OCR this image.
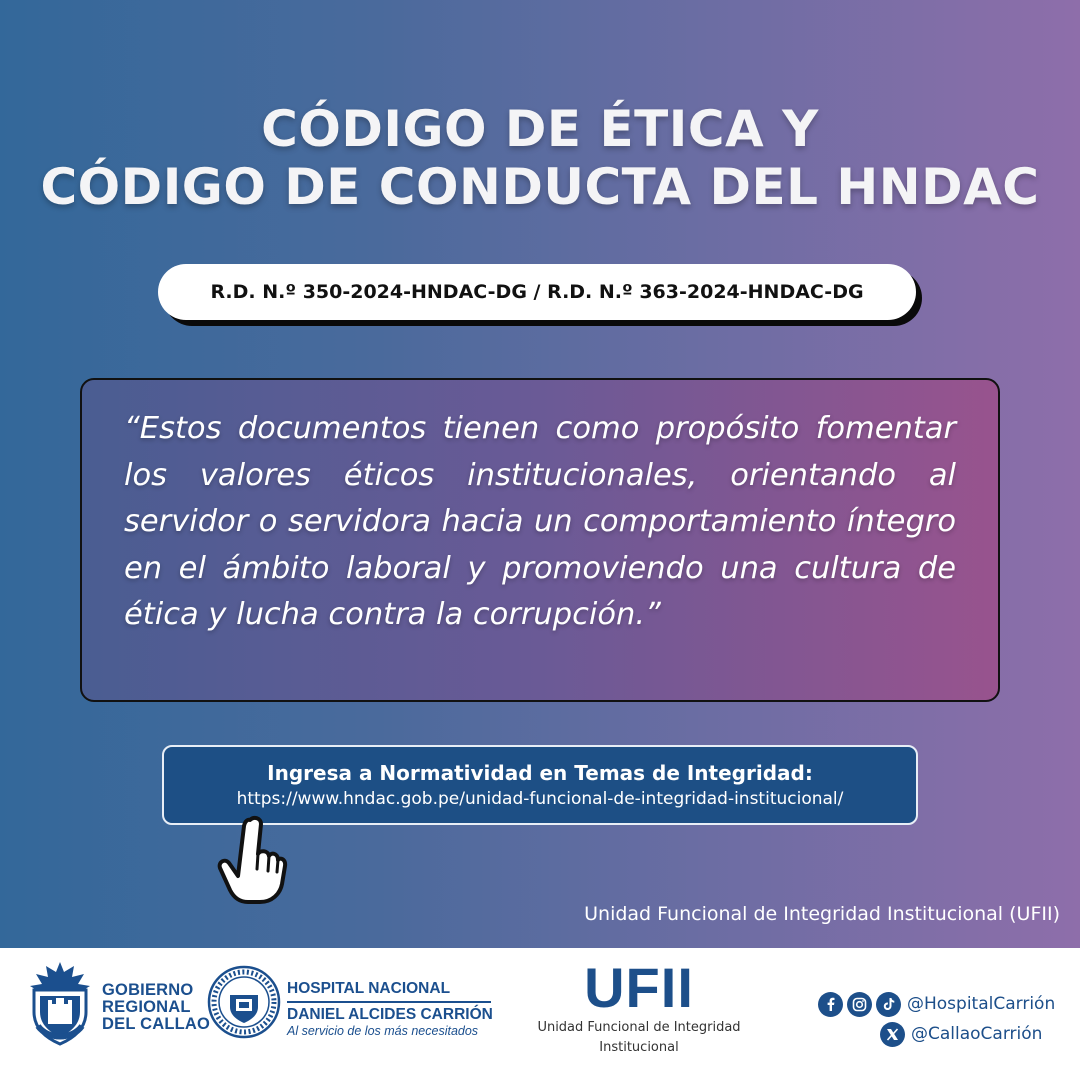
CÓDIGO DE ÉTICA Y
CÓDIGO DE CONDUCTA DEL HNDAC
R.D. N.º 350-2024-HNDAC-DG / R.D. N.º 363-2024-HNDAC-DG

“Estos documentos tienen como propósito fomentar los valores éticos institucionales, orientando al servidor o servidora hacia un comportamiento íntegro en el ámbito laboral y promoviendo una cultura de ética y lucha contra la corrupción.”

Ingresa a Normatividad en Temas de Integridad:
https://www.hndac.gob.pe/unidad-funcional-de-integridad-institucional/
Unidad Funcional de Integridad Institucional (UFII)
GOBIERNO
REGIONAL
DEL CALLAO
HOSPITAL NACIONAL
DANIEL ALCIDES CARRIÓN
Al servicio de los más necesitados
UFII
Unidad Funcional de Integridad Institucional
@HospitalCarrión
@CallaoCarrión
